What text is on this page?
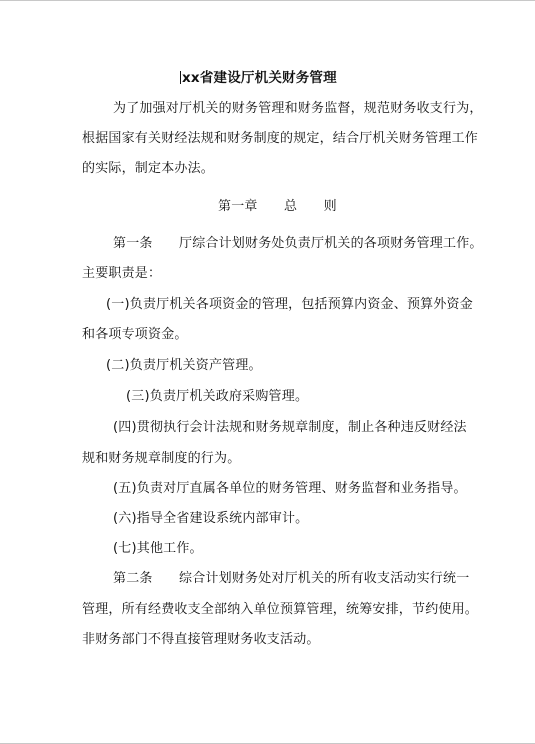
xx省建设厅机关财务管理
为了加强对厅机关的财务管理和财务监督，规范财务收支行为，
根据国家有关财经法规和财务制度的规定，结合厅机关财务管理工作
的实际，制定本办法。
第一章　　总　　则
第一条　　厅综合计划财务处负责厅机关的各项财务管理工作。
主要职责是：
(一)负责厅机关各项资金的管理，包括预算内资金、预算外资金
和各项专项资金。
(二)负责厅机关资产管理。
(三)负责厅机关政府采购管理。
(四)贯彻执行会计法规和财务规章制度，制止各种违反财经法
规和财务规章制度的行为。
(五)负责对厅直属各单位的财务管理、财务监督和业务指导。
(六)指导全省建设系统内部审计。
(七)其他工作。
第二条　　综合计划财务处对厅机关的所有收支活动实行统一
管理，所有经费收支全部纳入单位预算管理，统筹安排，节约使用。
非财务部门不得直接管理财务收支活动。
